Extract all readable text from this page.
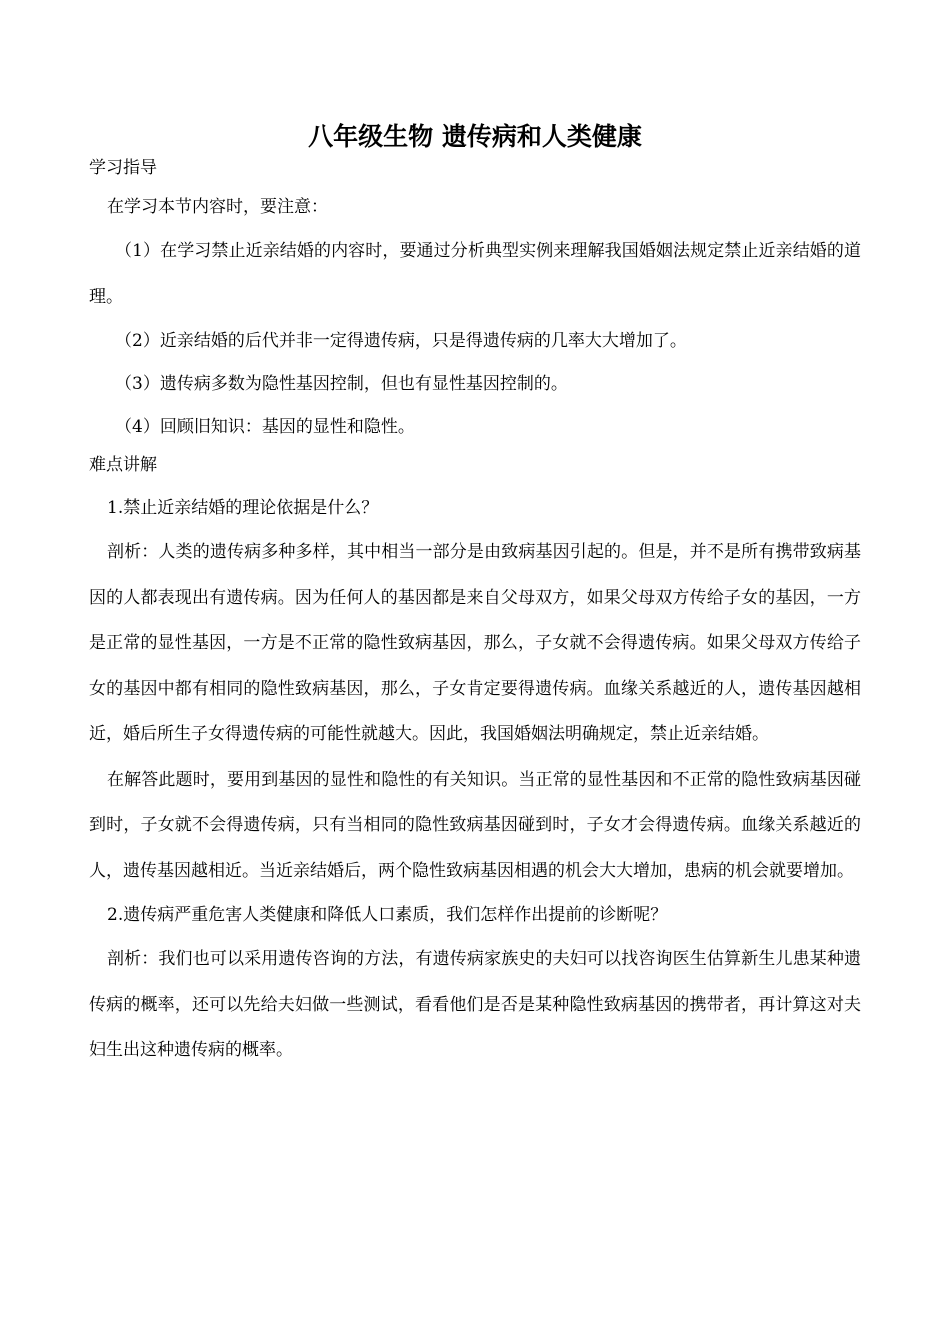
八年级生物 遗传病和人类健康

学习指导

在学习本节内容时，要注意：

（1）在学习禁止近亲结婚的内容时，要通过分析典型实例来理解我国婚姻法规定禁止近亲结婚的道理。

（2）近亲结婚的后代并非一定得遗传病，只是得遗传病的几率大大增加了。

（3）遗传病多数为隐性基因控制，但也有显性基因控制的。

（4）回顾旧知识：基因的显性和隐性。

难点讲解

1.禁止近亲结婚的理论依据是什么？

剖析：人类的遗传病多种多样，其中相当一部分是由致病基因引起的。但是，并不是所有携带致病基因的人都表现出有遗传病。因为任何人的基因都是来自父母双方，如果父母双方传给子女的基因，一方是正常的显性基因，一方是不正常的隐性致病基因，那么，子女就不会得遗传病。如果父母双方传给子女的基因中都有相同的隐性致病基因，那么，子女肯定要得遗传病。血缘关系越近的人，遗传基因越相近，婚后所生子女得遗传病的可能性就越大。因此，我国婚姻法明确规定，禁止近亲结婚。

在解答此题时，要用到基因的显性和隐性的有关知识。当正常的显性基因和不正常的隐性致病基因碰到时，子女就不会得遗传病，只有当相同的隐性致病基因碰到时，子女才会得遗传病。血缘关系越近的人，遗传基因越相近。当近亲结婚后，两个隐性致病基因相遇的机会大大增加，患病的机会就要增加。

2.遗传病严重危害人类健康和降低人口素质，我们怎样作出提前的诊断呢？

剖析：我们也可以采用遗传咨询的方法，有遗传病家族史的夫妇可以找咨询医生估算新生儿患某种遗传病的概率，还可以先给夫妇做一些测试，看看他们是否是某种隐性致病基因的携带者，再计算这对夫妇生出这种遗传病的概率。
